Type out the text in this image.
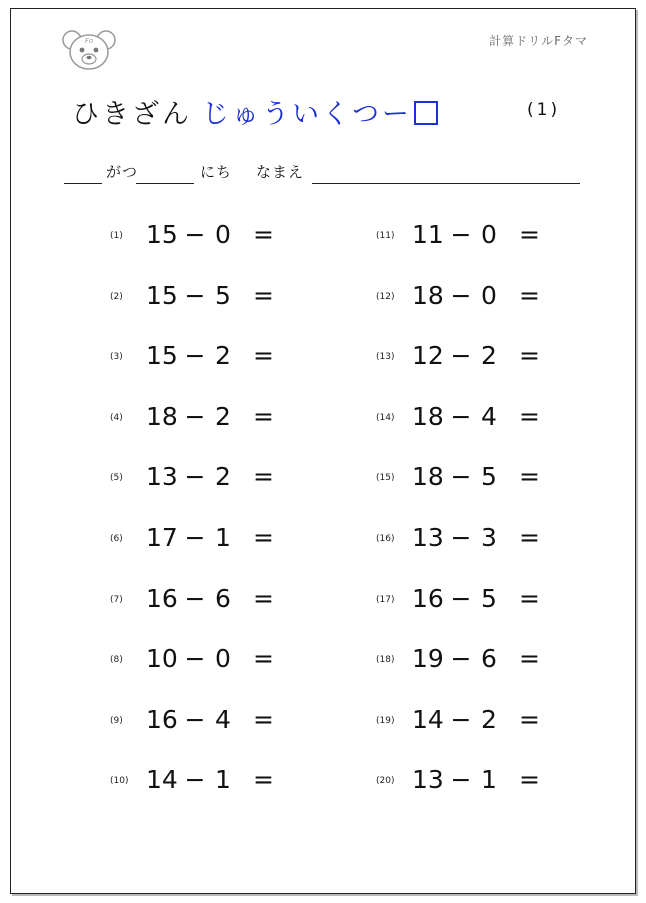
Fo	計算ドリルFタマ
ひきざん じゅういくつー	(1)
がつ	にち なまえ
(1) 15 − 0 =
(2) 15 − 5 =
(3) 15 − 2 =
(4) 18 − 2 =
(5) 13 − 2 =
(6) 17 − 1 =
(7) 16 − 6 =
(8) 10 − 0 =
(9) 16 − 4 =
(10) 14 − 1 =
(11) 11 − 0 =
(12) 18 − 0 =
(13) 12 − 2 =
(14) 18 − 4 =
(15) 18 − 5 =
(16) 13 − 3 =
(17) 16 − 5 =
(18) 19 − 6 =
(19) 14 − 2 =
(20) 13 − 1 =
